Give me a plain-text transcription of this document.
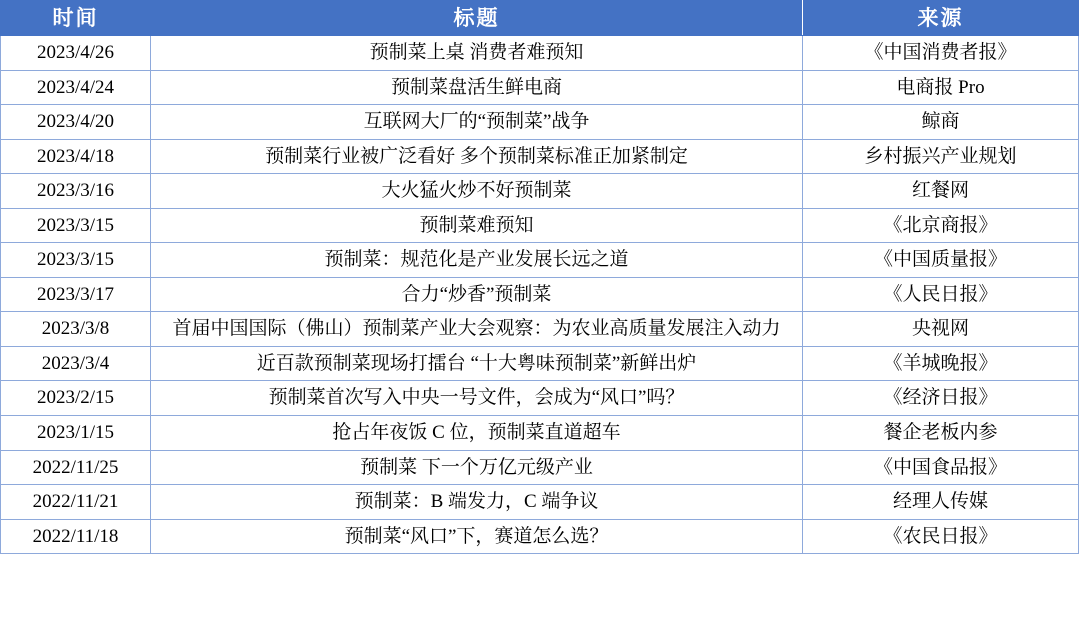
时间	标题	来源
2023/4/26	预制菜上桌 消费者难预知	《中国消费者报》
2023/4/24	预制菜盘活生鲜电商	电商报 Pro
2023/4/20	互联网大厂的“预制菜”战争	鲸商
2023/4/18	预制菜行业被广泛看好 多个预制菜标准正加紧制定	乡村振兴产业规划
2023/3/16	大火猛火炒不好预制菜	红餐网
2023/3/15	预制菜难预知	《北京商报》
2023/3/15	预制菜：规范化是产业发展长远之道	《中国质量报》
2023/3/17	合力“炒香”预制菜	《人民日报》
2023/3/8	首届中国国际（佛山）预制菜产业大会观察：为农业高质量发展注入动力	央视网
2023/3/4	近百款预制菜现场打擂台 “十大粤味预制菜”新鲜出炉	《羊城晚报》
2023/2/15	预制菜首次写入中央一号文件，会成为“风口”吗？	《经济日报》
2023/1/15	抢占年夜饭 C 位，预制菜直道超车	餐企老板内参
2022/11/25	预制菜 下一个万亿元级产业	《中国食品报》
2022/11/21	预制菜：B 端发力，C 端争议	经理人传媒
2022/11/18	预制菜“风口”下，赛道怎么选？	《农民日报》
